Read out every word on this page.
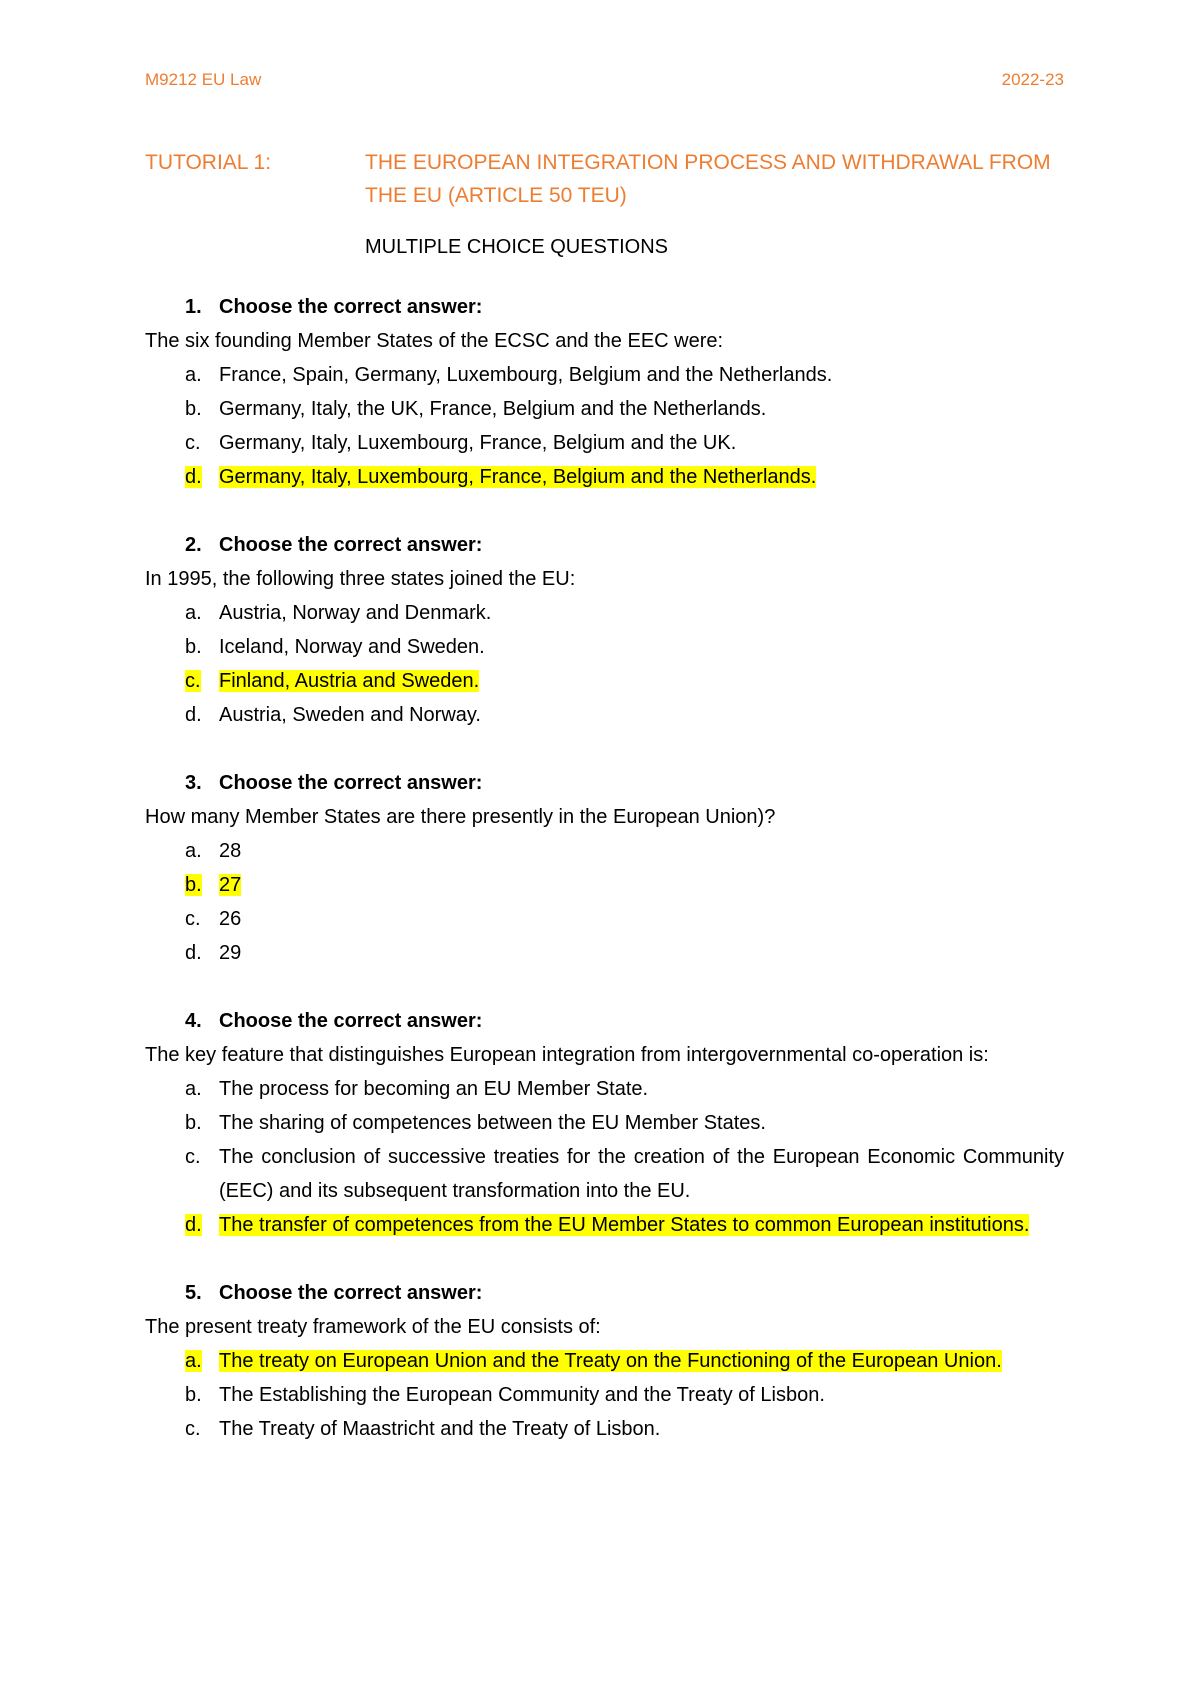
M9212 EU Law	2022-23
TUTORIAL 1:	THE EUROPEAN INTEGRATION PROCESS AND WITHDRAWAL FROM THE EU (ARTICLE 50 TEU)
MULTIPLE CHOICE QUESTIONS
1. Choose the correct answer:
The six founding Member States of the ECSC and the EEC were:
a. France, Spain, Germany, Luxembourg, Belgium and the Netherlands.
b. Germany, Italy, the UK, France, Belgium and the Netherlands.
c. Germany, Italy, Luxembourg, France, Belgium and the UK.
d. Germany, Italy, Luxembourg, France, Belgium and the Netherlands.
2. Choose the correct answer:
In 1995, the following three states joined the EU:
a. Austria, Norway and Denmark.
b. Iceland, Norway and Sweden.
c. Finland, Austria and Sweden.
d. Austria, Sweden and Norway.
3. Choose the correct answer:
How many Member States are there presently in the European Union)?
a. 28
b. 27
c. 26
d. 29
4. Choose the correct answer:
The key feature that distinguishes European integration from intergovernmental co-operation is:
a. The process for becoming an EU Member State.
b. The sharing of competences between the EU Member States.
c. The conclusion of successive treaties for the creation of the European Economic Community (EEC) and its subsequent transformation into the EU.
d. The transfer of competences from the EU Member States to common European institutions.
5. Choose the correct answer:
The present treaty framework of the EU consists of:
a. The treaty on European Union and the Treaty on the Functioning of the European Union.
b. The Establishing the European Community and the Treaty of Lisbon.
c. The Treaty of Maastricht and the Treaty of Lisbon.
